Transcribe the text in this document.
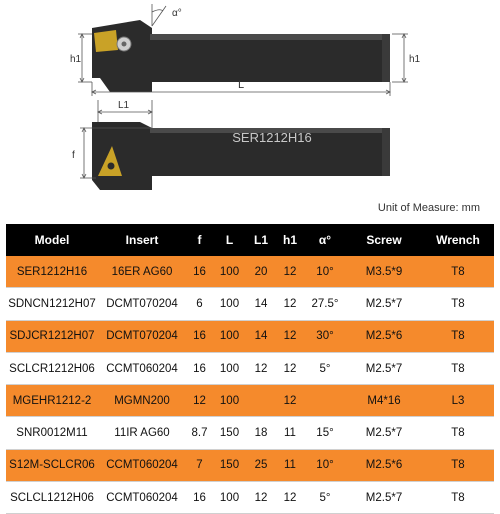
h1	h1
α°
L
L1
f
SER1212H16
Unit of Measure: mm
Model	Insert	f	L	L1	h1	α°	Screw	Wrench
SER1212H16	16ER AG60	16	100	20	12	10°	M3.5*9	T8
SDNCN1212H07	DCMT070204	6	100	14	12	27.5°	M2.5*7	T8
SDJCR1212H07	DCMT070204	16	100	14	12	30°	M2.5*6	T8
SCLCR1212H06	CCMT060204	16	100	12	12	5°	M2.5*7	T8
MGEHR1212-2	MGMN200	12	100		12		M4*16	L3
SNR0012M11	11IR AG60	8.7	150	18	11	15°	M2.5*7	T8
S12M-SCLCR06	CCMT060204	7	150	25	11	10°	M2.5*6	T8
SCLCL1212H06	CCMT060204	16	100	12	12	5°	M2.5*7	T8
